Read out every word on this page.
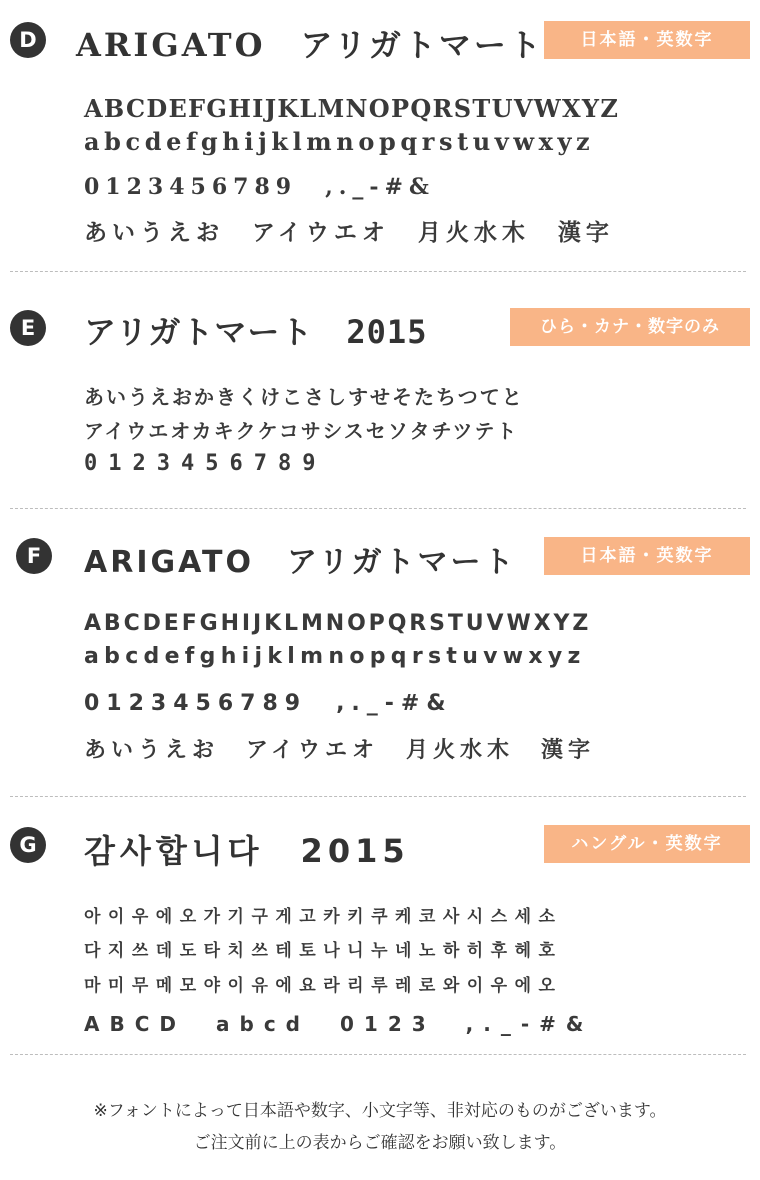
D ARIGATO　アリガトマート	日本語・英数字
ABCDEFGHIJKLMNOPQRSTUVWXYZ
abcdefghijklmnopqrstuvwxyz
0123456789　,._-#&
あいうえお　アイウエオ　月火水木　漢字
E	アリガトマート　2015	ひら・カナ・数字のみ
あいうえおかきくけこさしすせそたちつてと
アイウエオカキクケコサシスセソタチツテト
0123456789
F	ARIGATO　アリガトマート	日本語・英数字
ABCDEFGHIJKLMNOPQRSTUVWXYZ
abcdefghijklmnopqrstuvwxyz
0123456789　,._-#&
あいうえお　アイウエオ　月火水木　漢字
G 감사합니다　2015	ハングル・英数字
아이우에오가기구게고카키쿠케코사시스세소
다지쓰데도타치쓰테토나니누네노하히후헤호
마미무메모야이유에요라리루레로와이우에오
ABCD　abcd　0123　,._-#&
※フォントによって日本語や数字、小文字等、非対応のものがございます。
ご注文前に上の表からご確認をお願い致します。
